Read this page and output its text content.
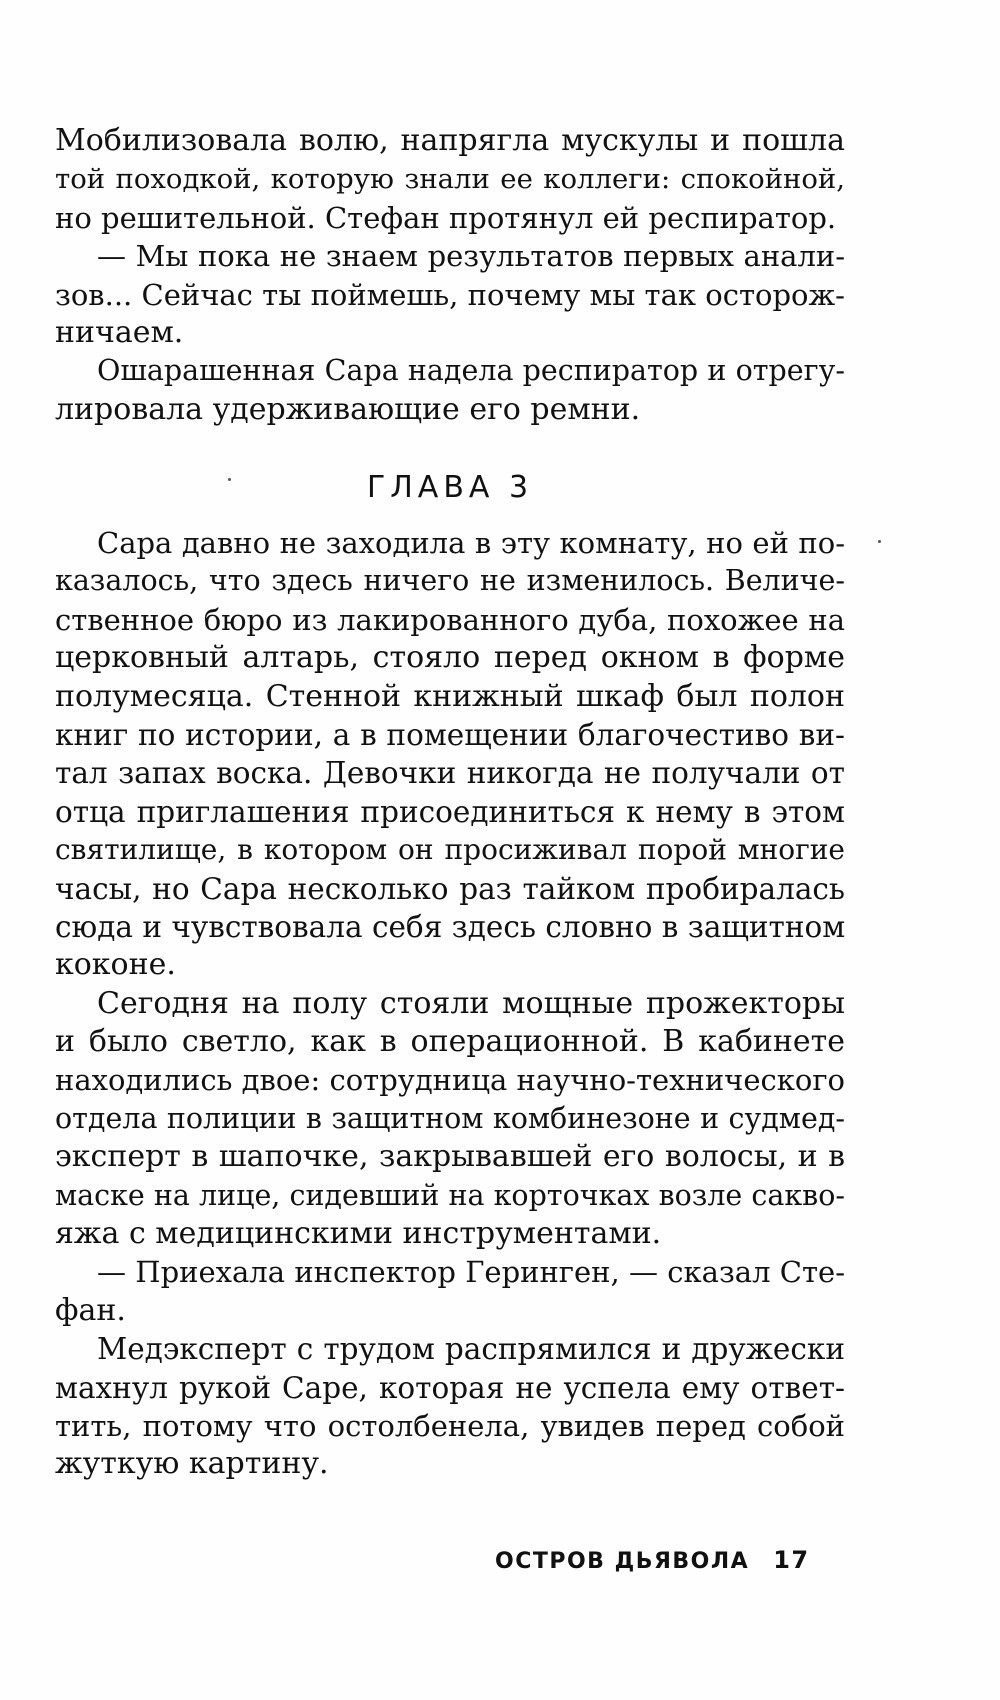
Мобилизовала волю, напрягла мускулы и пошла
той походкой, которую знали ее коллеги: спокойной,
но решительной. Стефан протянул ей респиратор.
— Мы пока не знаем результатов первых анали-
зов... Сейчас ты поймешь, почему мы так осторож-
ничаем.
Ошарашенная Сара надела респиратор и отрегу-
лировала удерживающие его ремни.
ГЛАВА 3
Сара давно не заходила в эту комнату, но ей по-
казалось, что здесь ничего не изменилось. Величе-
ственное бюро из лакированного дуба, похожее на
церковный алтарь, стояло перед окном в форме
полумесяца. Стенной книжный шкаф был полон
книг по истории, а в помещении благочестиво ви-
тал запах воска. Девочки никогда не получали от
отца приглашения присоединиться к нему в этом
святилище, в котором он просиживал порой многие
часы, но Сара несколько раз тайком пробиралась
сюда и чувствовала себя здесь словно в защитном
коконе.
Сегодня на полу стояли мощные прожекторы
и было светло, как в операционной. В кабинете
находились двое: сотрудница научно-технического
отдела полиции в защитном комбинезоне и судмед-
эксперт в шапочке, закрывавшей его волосы, и в
маске на лице, сидевший на корточках возле сакво-
яжа с медицинскими инструментами.
— Приехала инспектор Геринген, — сказал Сте-
фан.
Медэксперт с трудом распрямился и дружески
махнул рукой Саре, которая не успела ему ответ-
тить, потому что остолбенела, увидев перед собой
жуткую картину.
ОСТРОВ ДЬЯВОЛА 17
